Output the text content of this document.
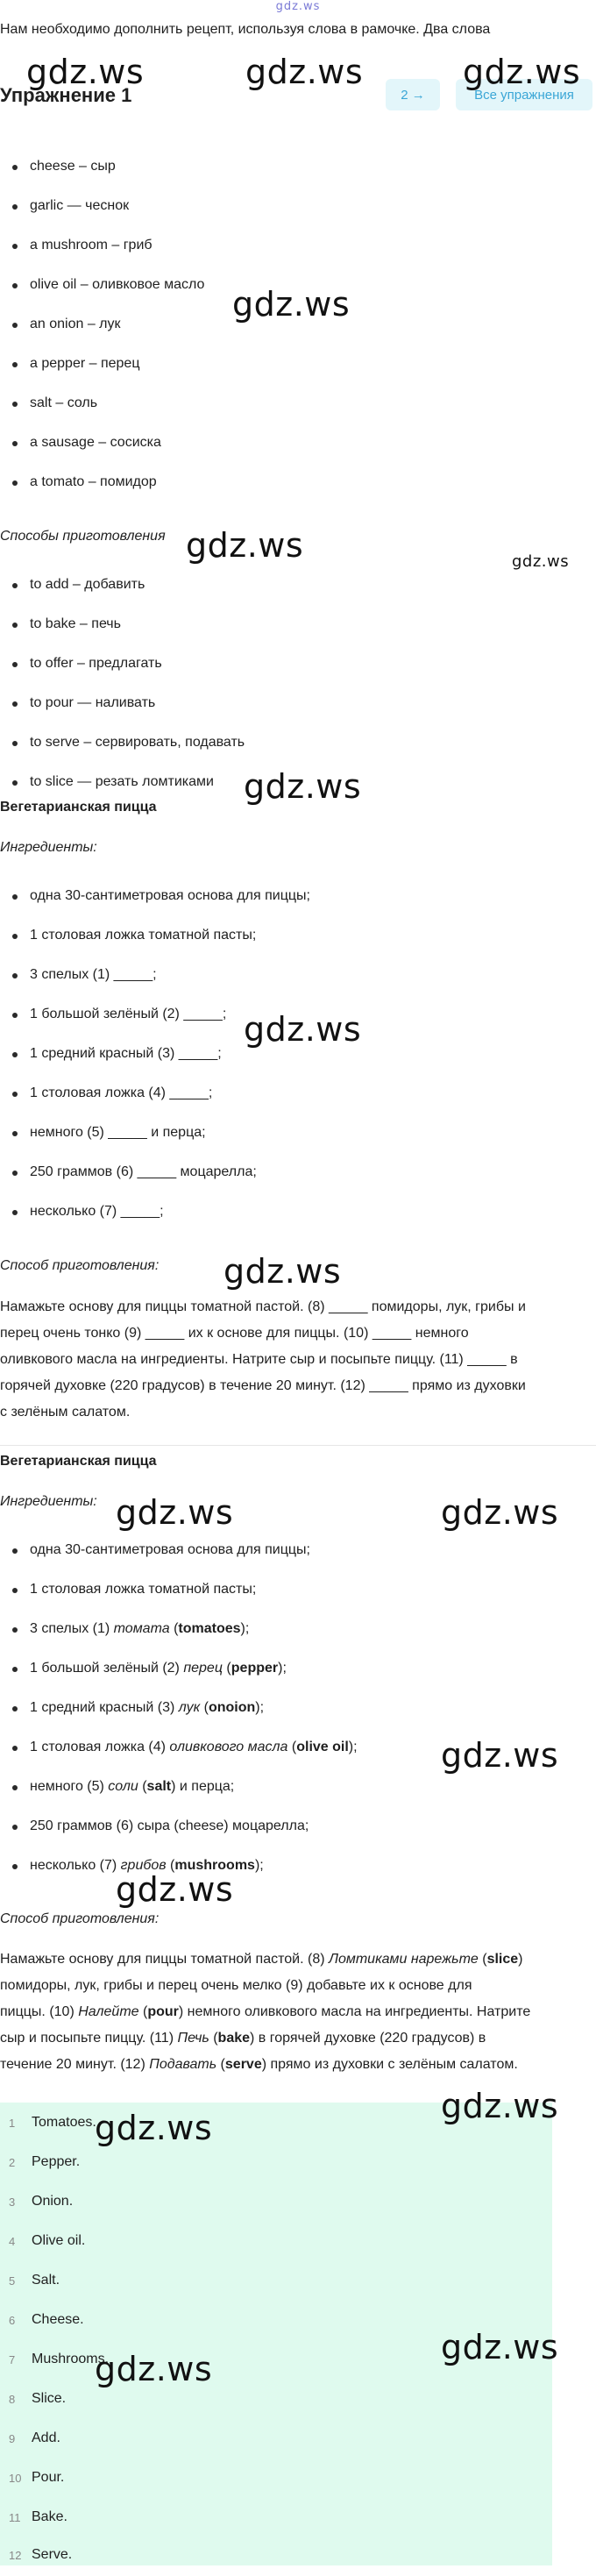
gdz.ws
Нам необходимо дополнить рецепт, используя слова в рамочке. Два слова
Упражнение 1	2 →	Все упражнения
cheese – сыр
garlic — чеснок
a mushroom – гриб
olive oil – оливковое масло
an onion – лук
a pepper – перец
salt – соль
a sausage – сосиска
a tomato – помидор
Способы приготовления
to add – добавить
to bake – печь
to offer – предлагать
to pour — наливать
to serve – сервировать, подавать
to slice — резать ломтиками
Вегетарианская пицца
Ингредиенты:
одна 30-сантиметровая основа для пиццы;
1 столовая ложка томатной пасты;
3 спелых (1) _____;
1 большой зелёный (2) _____;
1 средний красный (3) _____;
1 столовая ложка (4) _____;
немного (5) _____ и перца;
250 граммов (6) _____ моцарелла;
несколько (7) _____;
Способ приготовления:
Намажьте основу для пиццы томатной пастой. (8) _____ помидоры, лук, грибы и
перец очень тонко (9) _____ их к основе для пиццы. (10) _____ немного
оливкового масла на ингредиенты. Натрите сыр и посыпьте пиццу. (11) _____ в
горячей духовке (220 градусов) в течение 20 минут. (12) _____ прямо из духовки
с зелёным салатом.
Вегетарианская пицца
Ингредиенты:
одна 30-сантиметровая основа для пиццы;
1 столовая ложка томатной пасты;
3 спелых (1) томата (tomatoes);
1 большой зелёный (2) перец (pepper);
1 средний красный (3) лук (onoion);
1 столовая ложка (4) оливкового масла (olive oil);
немного (5) соли (salt) и перца;
250 граммов (6) сыра (cheese) моцарелла;
несколько (7) грибов (mushrooms);
Способ приготовления:
Намажьте основу для пиццы томатной пастой. (8) Ломтиками нарежьте (slice)
помидоры, лук, грибы и перец очень мелко (9) добавьте их к основе для
пиццы. (10) Налейте (pour) немного оливкового масла на ингредиенты. Натрите
сыр и посыпьте пиццу. (11) Печь (bake) в горячей духовке (220 градусов) в
течение 20 минут. (12) Подавать (serve) прямо из духовки с зелёным салатом.
1	Tomatoes.
2	Pepper.
3	Onion.
4	Olive oil.
5	Salt.
6	Cheese.
7	Mushrooms.
8	Slice.
9	Add.
10 Pour.
11 Bake.
12 Serve.
gdz.ws	gdz.ws	gdz.ws
gdz.ws
gdz.ws	gdz.ws
gdz.ws
gdz.ws
gdz.ws
gdz.ws	gdz.ws
gdz.ws
gdz.ws
gdz.ws
gdz.ws
gdz.ws
gdz.ws
